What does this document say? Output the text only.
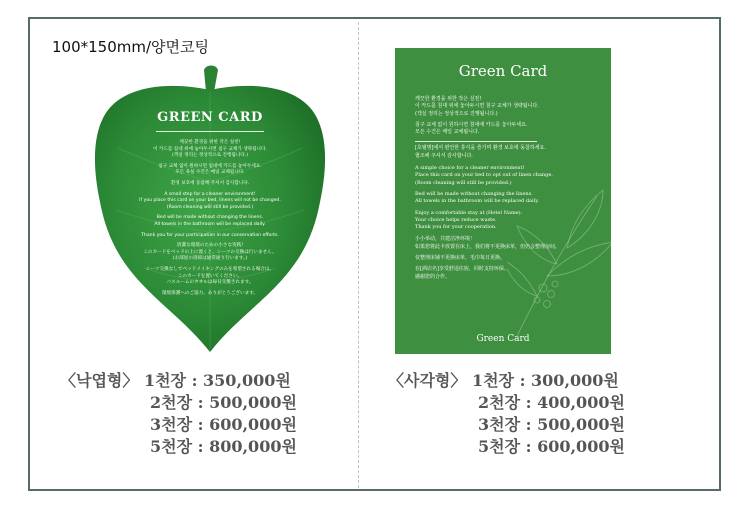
100*150mm/양면코팅
GREEN CARD
깨끗한 환경을 위한 작은 실천!
이 카드를 침대 위에 놓아두시면 침구 교체가 생략됩니다.
(객실 정리는 정상적으로 진행됩니다.)
침구 교체 없이 원하시면 침대에 카드를 놓아두세요.
모든 욕실 수건은 매일 교체됩니다.
환경 보호에 동참해 주셔서 감사합니다.
A small step for a cleaner environment!
If you place this card on your bed, linens will not be changed.
(Room cleaning will still be provided.)
Bed will be made without changing the linens.
All towels in the bathroom will be replaced daily.
Thank you for your participation in our conservation efforts.
清潔な環境のための小さな実践!
このカードをベッドの上に置くと、シーツの交換は行いません。
(お部屋の清掃は通常通り行います。)
シーツ交換なしでベッドメイキングのみを希望される場合は、
このカードを置いてください。
バスルームのタオルは毎日交換されます。
環境保護へのご協力、ありがとうございます。
Green Card
깨끗한 환경을 위한 작은 실천!
이 카드를 침대 위에 놓아두시면 침구 교체가 생략됩니다.
(객실 정리는 정상적으로 진행됩니다.)
침구 교체 없이 원하시면 침대에 카드를 놓아두세요.
모든 수건은 매일 교체됩니다.
[호텔명]에서 편안한 휴식을 즐기며 환경 보호에 동참하세요.
협조해 주셔서 감사합니다.
A simple choice for a cleaner environment!
Place this card on your bed to opt out of linen change.
(Room cleaning will still be provided.)
Bed will be made without changing the linens.
All towels in the bathroom will be replaced daily.
Enjoy a comfortable stay at (Hotel Name).
Your choice helps reduce waste.
Thank you for your cooperation.
小小举动，共建洁净环境！
如果您将此卡放置在床上，我们将不更换床单，但仍会整理房间。
仅整理床铺不更换床单，毛巾每日更换。
在[酒店名]享受舒适住宿，同时支持环保。
感谢您的合作。
Green Card
〈낙엽형〉 1천장 : 350,000원
2천장 : 500,000원
3천장 : 600,000원
5천장 : 800,000원
〈사각형〉 1천장 : 300,000원
2천장 : 400,000원
3천장 : 500,000원
5천장 : 600,000원
